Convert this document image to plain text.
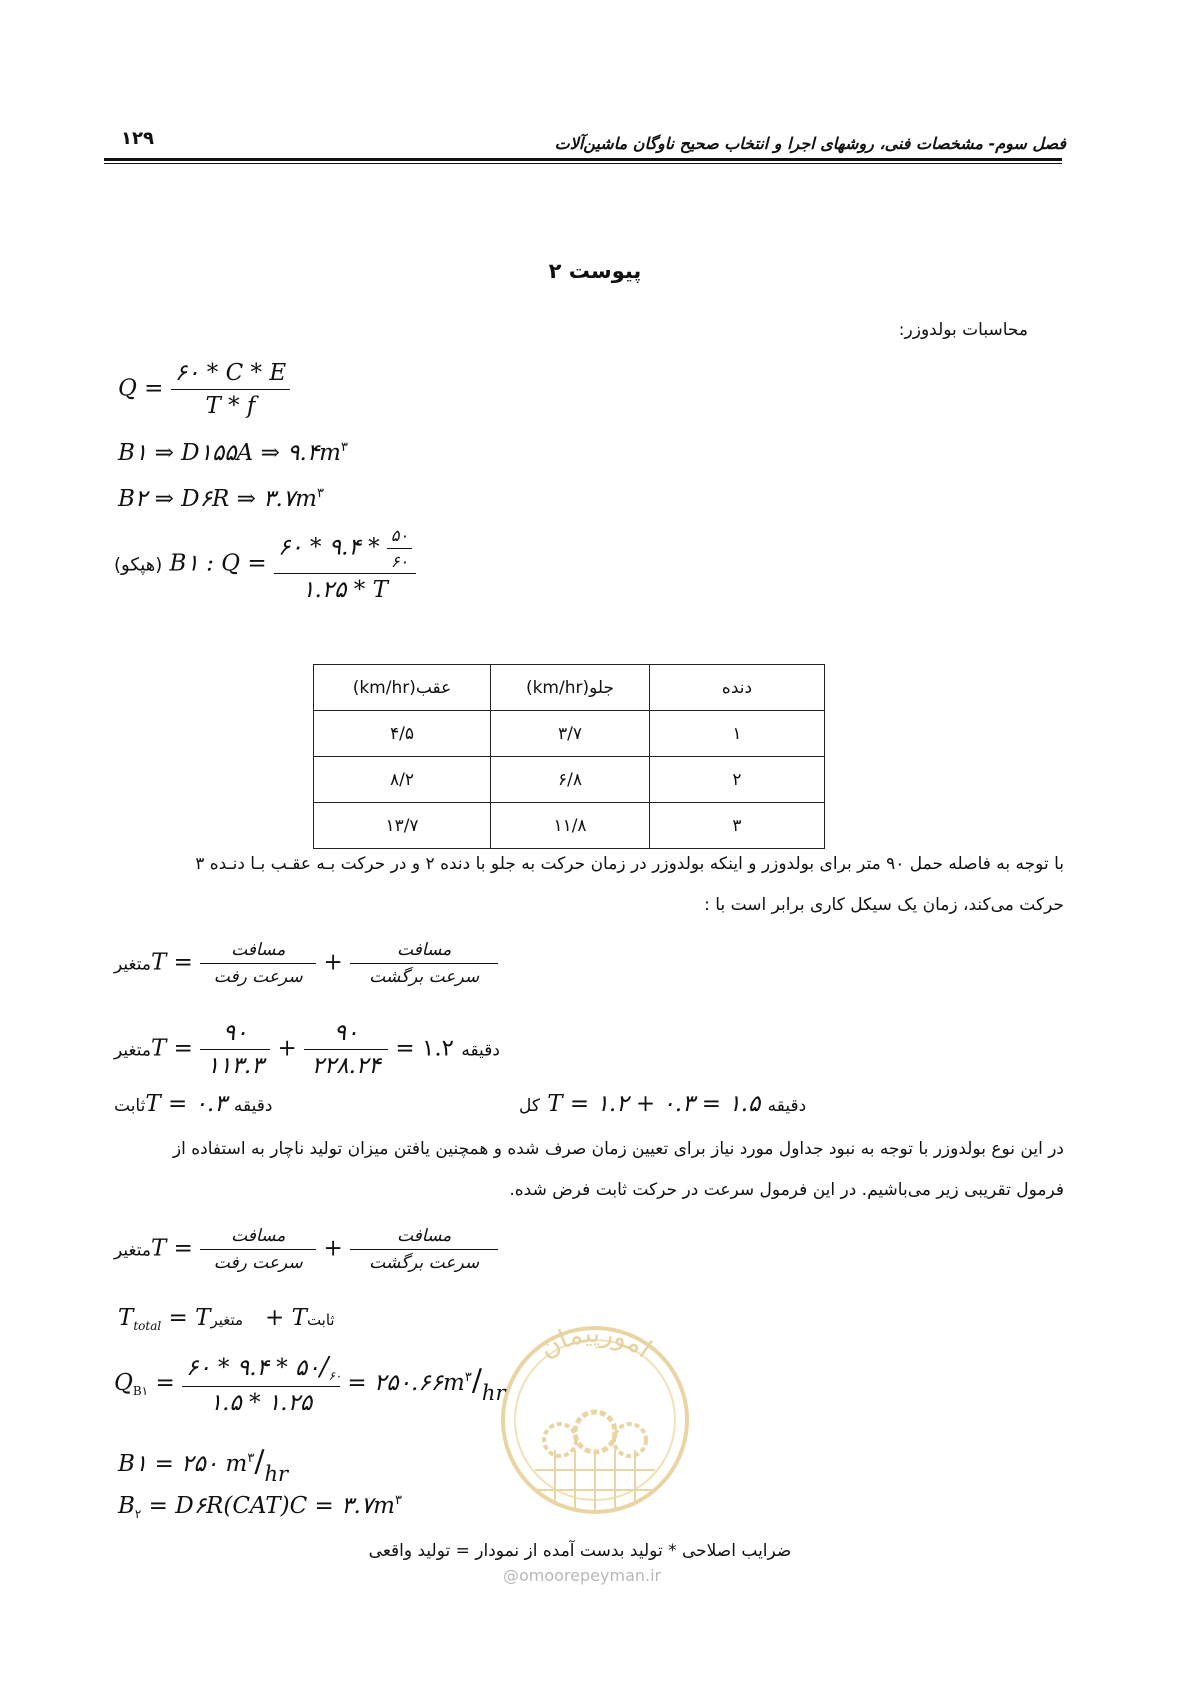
۱۲۹	فصل سوم- مشخصات فنی، روشهای اجرا و انتخاب صحیح ناوگان ماشین‌آلات
پیوست ۲
محاسبات بولدوزر:
$Q = \frac{۶۰ * C * E}{T * f}$
B۱ ⇒ D۱۵۵A ⇒ $۹.۴m^۳$
B۲ ⇒ D۶R ⇒ $۳.۷m^۳$
(هپکو) B۱ : $Q = \frac{۶۰ * ۹.۴ * \frac{۵۰}{۶۰}}{۱.۲۵ * T}$
عقب(km/hr)	جلو(km/hr)	دنده
۴/۵	۳/۷	۱
۸/۲	۶/۸	۲
۱۳/۷	۱۱/۸	۳
با توجه به فاصله حمل ۹۰ متر برای بولدوزر و اینکه بولدوزر در زمان حرکت به جلو با دنده ۲ و در حرکت بـه عقـب بـا دنـده ۳
حرکت می‌کند، زمان یک سیکل کاری برابر است با :
متغیرT = $\frac{\text{مسافت}}{\text{سرعت رفت}} + \frac{\text{مسافت}}{\text{سرعت برگشت}}$
متغیرT = $\frac{۹۰}{۱۱۳.۳} + \frac{۹۰}{۲۲۸.۲۴}$ = ۱.۲ دقیقه
ثابتT = ۰.۳ دقیقه	کل T = ۱.۲ + ۰.۳ = ۱.۵ دقیقه
در این نوع بولدوزر با توجه به نبود جداول مورد نیاز برای تعیین زمان صرف شده و همچنین یافتن میزان تولید ناچار به استفاده از
فرمول تقریبی زیر می‌باشیم. در این فرمول سرعت در حرکت ثابت فرض شده.
متغیرT = $\frac{\text{مسافت}}{\text{سرعت رفت}} + \frac{\text{مسافت}}{\text{سرعت برگشت}}$
$T_{total}$ = Tمتغیر + Tثابت
امورپیمان
$Q_{B۱} = \frac{۶۰ * ۹.۴ * ۵۰/_{۶۰}}{۱.۵ * ۱.۲۵}$ = $۲۵۰.۶۶m^۳/_{hr}$
B۱ = ۲۵۰ $m^۳/_{hr}$
$B_۲$ = D۶R(CAT)C = $۳.۷m^۳$
ضرایب اصلاحی * تولید بدست آمده از نمودار = تولید واقعی
@omoorepeyman.ir
